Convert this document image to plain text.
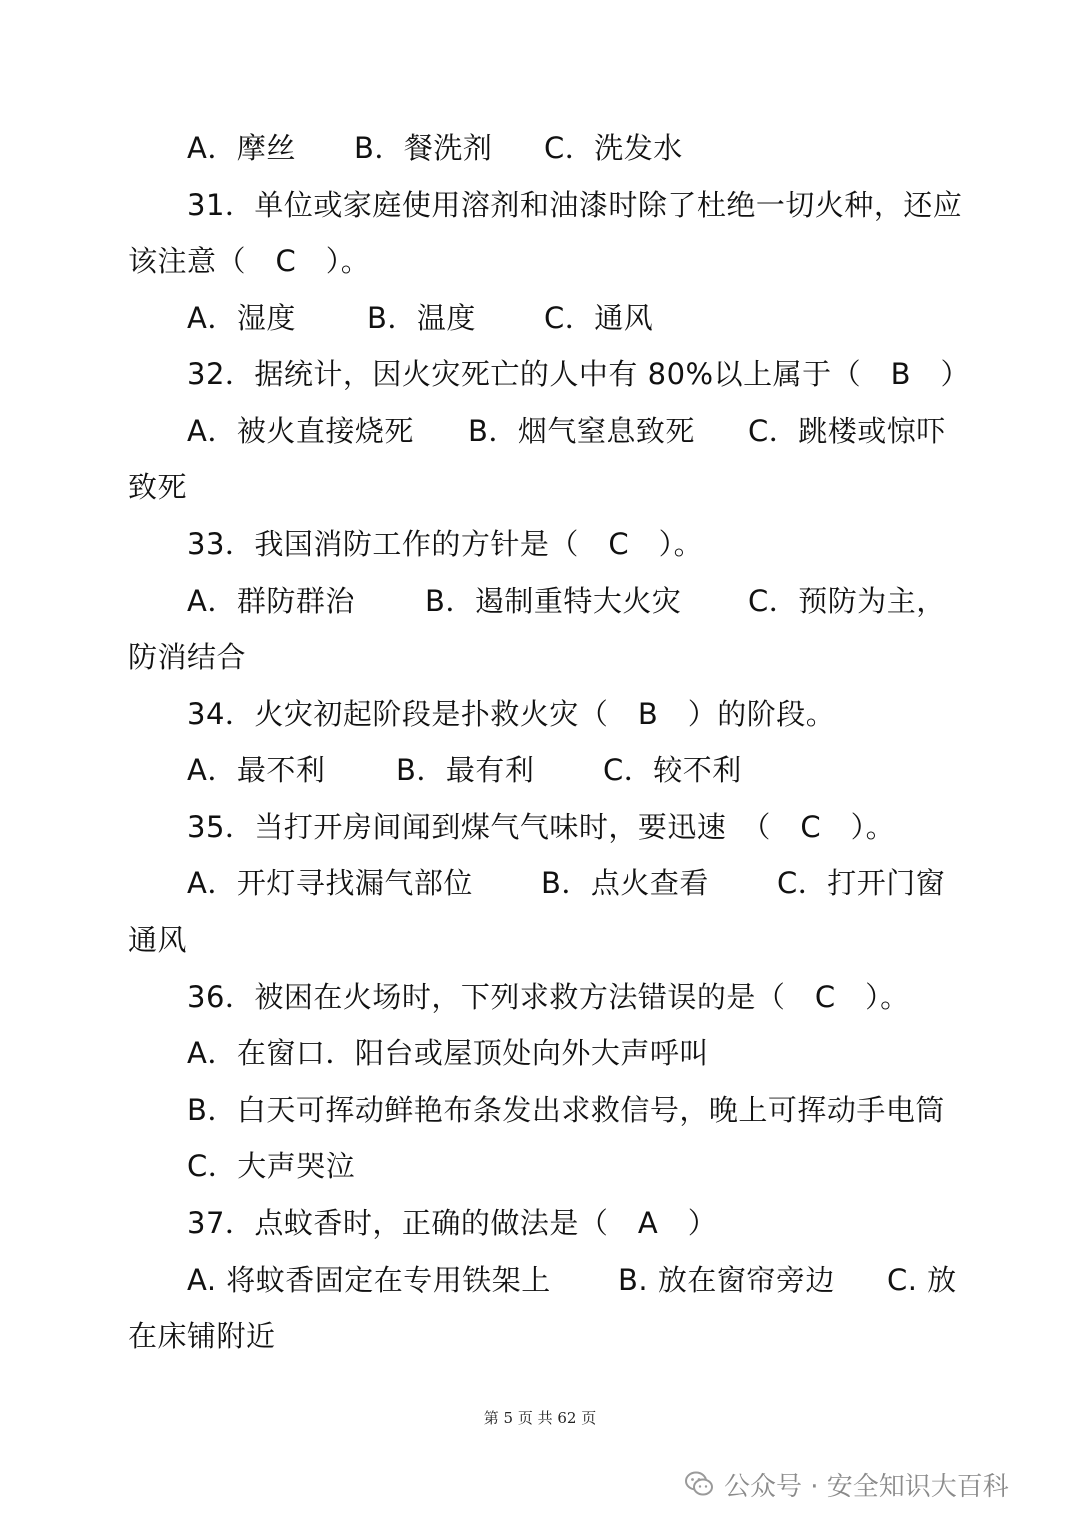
A．摩丝 B．餐洗剂 C．洗发水
31．单位或家庭使用溶剂和油漆时除了杜绝一切火种，还应
该注意（　C　）。
A．湿度 B．温度 C．通风
32．据统计，因火灾死亡的人中有 80%以上属于（　B　）
A．被火直接烧死 B．烟气窒息致死 C．跳楼或惊吓
致死
33．我国消防工作的方针是（　C　）。
A．群防群治 B．遏制重特大火灾 C．预防为主，
防消结合
34．火灾初起阶段是扑救火灾（　B　）的阶段。
A．最不利 B．最有利 C．较不利
35．当打开房间闻到煤气气味时，要迅速　（　C　）。
A．开灯寻找漏气部位 B．点火查看 C．打开门窗
通风
36．被困在火场时，下列求救方法错误的是（　C　）。
A．在窗口．阳台或屋顶处向外大声呼叫
B．白天可挥动鲜艳布条发出求救信号，晚上可挥动手电筒
C．大声哭泣
37．点蚊香时，正确的做法是（　A　）
A. 将蚊香固定在专用铁架上 B. 放在窗帘旁边 C. 放
在床铺附近
第 5 页 共 62 页
公众号 · 安全知识大百科
